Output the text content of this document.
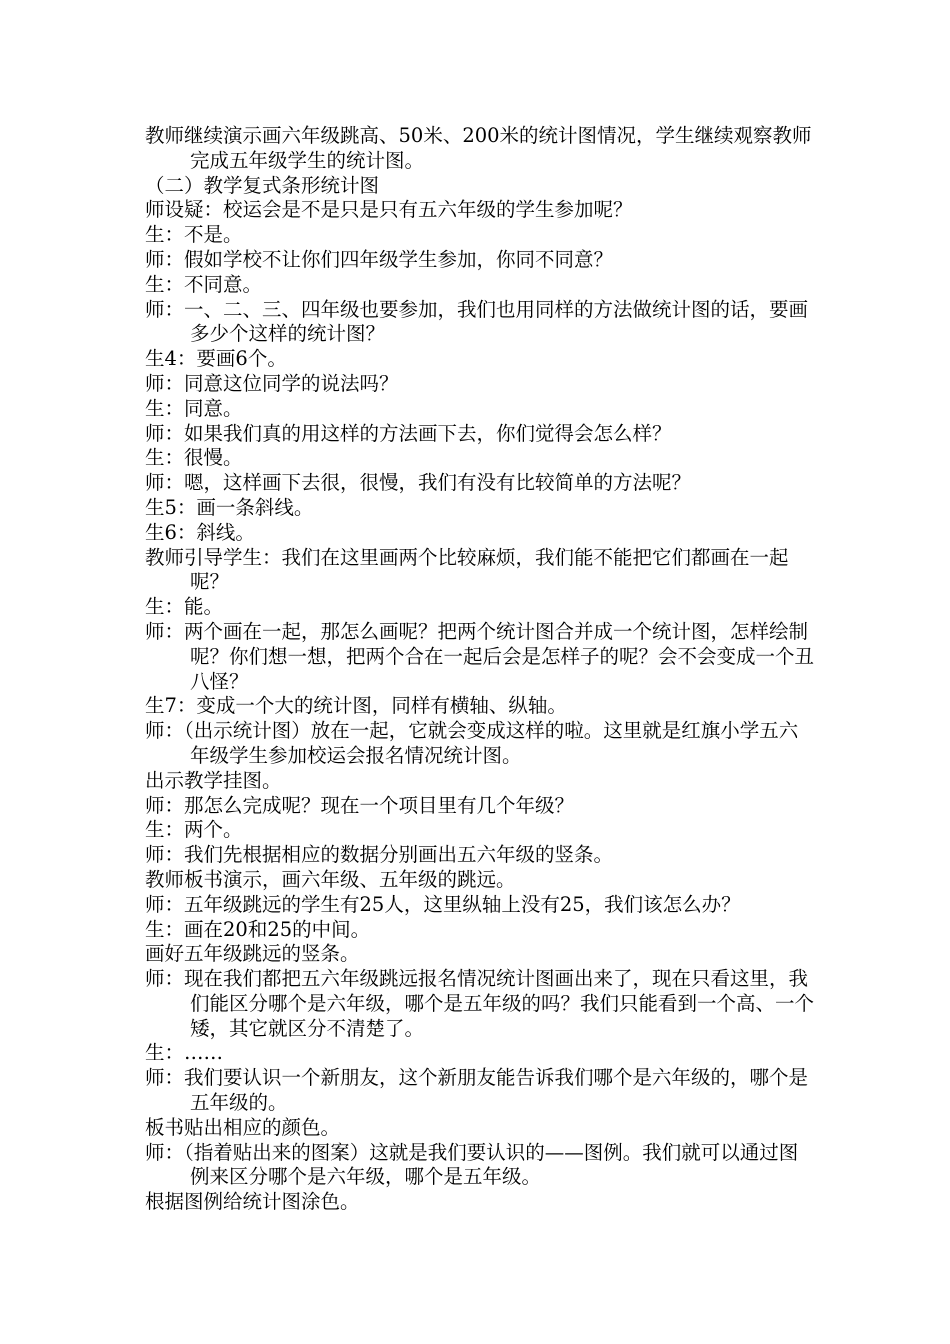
教师继续演示画六年级跳高、50米、200米的统计图情况，学生继续观察教师完成五年级学生的统计图。

（二）教学复式条形统计图

师设疑：校运会是不是只是只有五六年级的学生参加呢？

生：不是。

师：假如学校不让你们四年级学生参加，你同不同意？

生：不同意。

师：一、二、三、四年级也要参加，我们也用同样的方法做统计图的话，要画多少个这样的统计图？

生4：要画6个。

师：同意这位同学的说法吗？

生：同意。

师：如果我们真的用这样的方法画下去，你们觉得会怎么样？

生：很慢。

师：嗯，这样画下去很，很慢，我们有没有比较简单的方法呢？

生5：画一条斜线。

生6：斜线。

教师引导学生：我们在这里画两个比较麻烦，我们能不能把它们都画在一起呢？

生：能。

师：两个画在一起，那怎么画呢？把两个统计图合并成一个统计图，怎样绘制呢？你们想一想，把两个合在一起后会是怎样子的呢？会不会变成一个丑八怪？

生7：变成一个大的统计图，同样有横轴、纵轴。

师：（出示统计图）放在一起，它就会变成这样的啦。这里就是红旗小学五六年级学生参加校运会报名情况统计图。

出示教学挂图。

师：那怎么完成呢？现在一个项目里有几个年级？

生：两个。

师：我们先根据相应的数据分别画出五六年级的竖条。

教师板书演示，画六年级、五年级的跳远。

师：五年级跳远的学生有25人，这里纵轴上没有25，我们该怎么办？

生：画在20和25的中间。

画好五年级跳远的竖条。

师：现在我们都把五六年级跳远报名情况统计图画出来了，现在只看这里，我们能区分哪个是六年级，哪个是五年级的吗？我们只能看到一个高、一个矮，其它就区分不清楚了。

生：……

师：我们要认识一个新朋友，这个新朋友能告诉我们哪个是六年级的，哪个是五年级的。

板书贴出相应的颜色。

师：（指着贴出来的图案）这就是我们要认识的——图例。我们就可以通过图例来区分哪个是六年级，哪个是五年级。

根据图例给统计图涂色。
